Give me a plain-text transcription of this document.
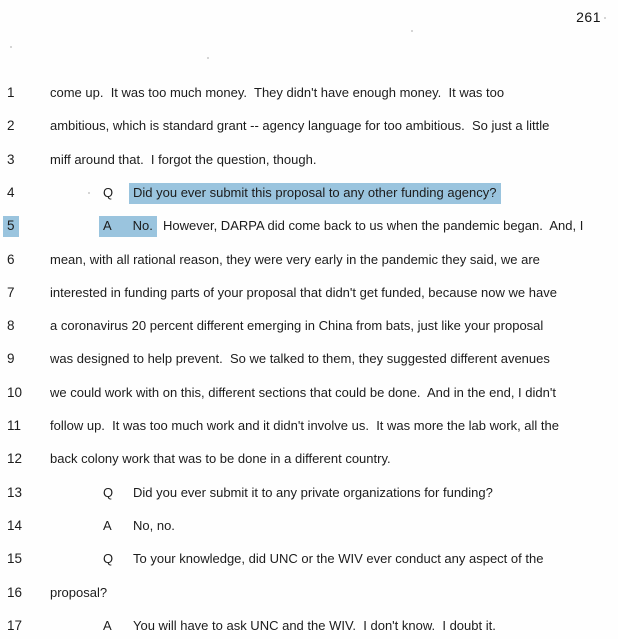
261
1	come up.  It was too much money.  They didn't have enough money.  It was too
2	ambitious, which is standard grant -- agency language for too ambitious.  So just a little
3	miff around that.  I forgot the question, though.
4	Q	Did you ever submit this proposal to any other funding agency?
5	A      No. However, DARPA did come back to us when the pandemic began.  And, I
6	mean, with all rational reason, they were very early in the pandemic they said, we are
7	interested in funding parts of your proposal that didn't get funded, because now we have
8	a coronavirus 20 percent different emerging in China from bats, just like your proposal
9	was designed to help prevent.  So we talked to them, they suggested different avenues
10 we could work with on this, different sections that could be done.  And in the end, I didn't
11 follow up.  It was too much work and it didn't involve us.  It was more the lab work, all the
12 back colony work that was to be done in a different country.
13	Q Did you ever submit it to any private organizations for funding?
14	A No, no.
15	Q To your knowledge, did UNC or the WIV ever conduct any aspect of the
16 proposal?
17	A You will have to ask UNC and the WIV.  I don't know.  I doubt it.
